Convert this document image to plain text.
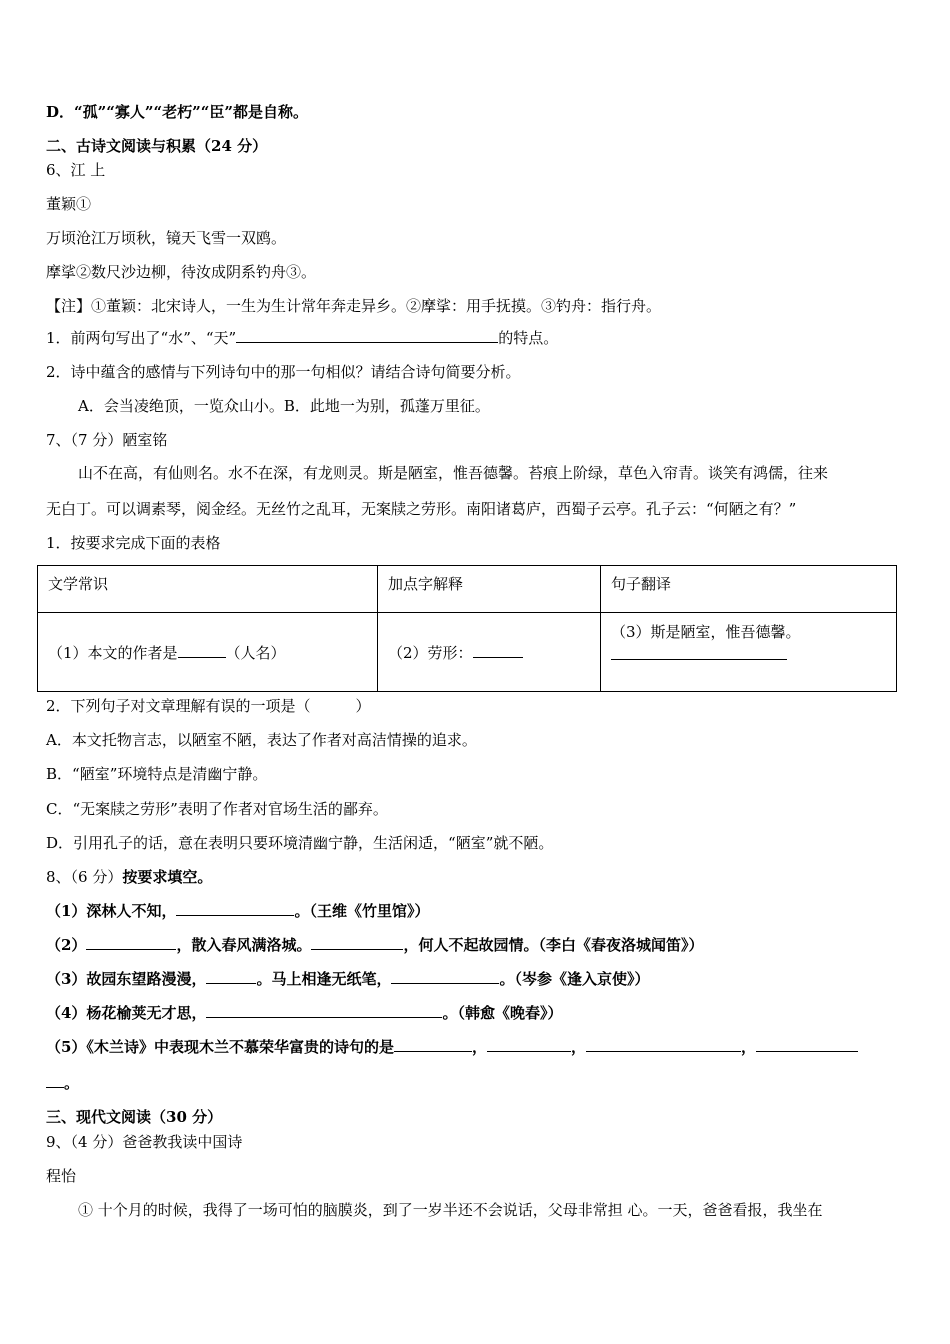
D．“孤”“寡人”“老朽”“臣”都是自称。
二、古诗文阅读与积累（24 分）
6、江 上
董颖①
万顷沧江万顷秋，镜天飞雪一双鸥。
摩挲②数尺沙边柳，待汝成阴系钓舟③。
【注】①董颖：北宋诗人，一生为生计常年奔走异乡。②摩挲：用手抚摸。③钓舟：指行舟。
1．前两句写出了“水”、“天”	的特点。
2．诗中蕴含的感情与下列诗句中的那一句相似？请结合诗句简要分析。
A．会当凌绝顶，一览众山小。B．此地一为别，孤蓬万里征。
7、（7 分）陋室铭
山不在高，有仙则名。水不在深，有龙则灵。斯是陋室，惟吾德馨。苔痕上阶绿，草色入帘青。谈笑有鸿儒，往来
无白丁。可以调素琴，阅金经。无丝竹之乱耳，无案牍之劳形。南阳诸葛庐，西蜀子云亭。孔子云：“何陋之有？”
1．按要求完成下面的表格
文学常识	加点字解释	句子翻译
（1）本文的作者是 （人名）	（2）劳形：	（3）斯是陋室，惟吾德馨。
2．下列句子对文章理解有误的一项是（　　　）
A．本文托物言志，以陋室不陋，表达了作者对高洁情操的追求。
B．“陋室”环境特点是清幽宁静。
C．“无案牍之劳形”表明了作者对官场生活的鄙弃。
D．引用孔子的话，意在表明只要环境清幽宁静，生活闲适，“陋室”就不陋。
8、（6 分）按要求填空。
（1）深林人不知，	。（王维《竹里馆》）
（2）	，散入春风满洛城。	，何人不起故园情。（李白《春夜洛城闻笛》）
（3）故园东望路漫漫，	。马上相逢无纸笔，	。（岑参《逢入京使》）
（4）杨花榆荚无才思，	。（韩愈《晚春》）
（5）《木兰诗》中表现木兰不慕荣华富贵的诗句的是	，	，	，
。
三、现代文阅读（30 分）
9、（4 分）爸爸教我读中国诗
程怡
① 十个月的时候，我得了一场可怕的脑膜炎，到了一岁半还不会说话，父母非常担 心。一天，爸爸看报，我坐在
